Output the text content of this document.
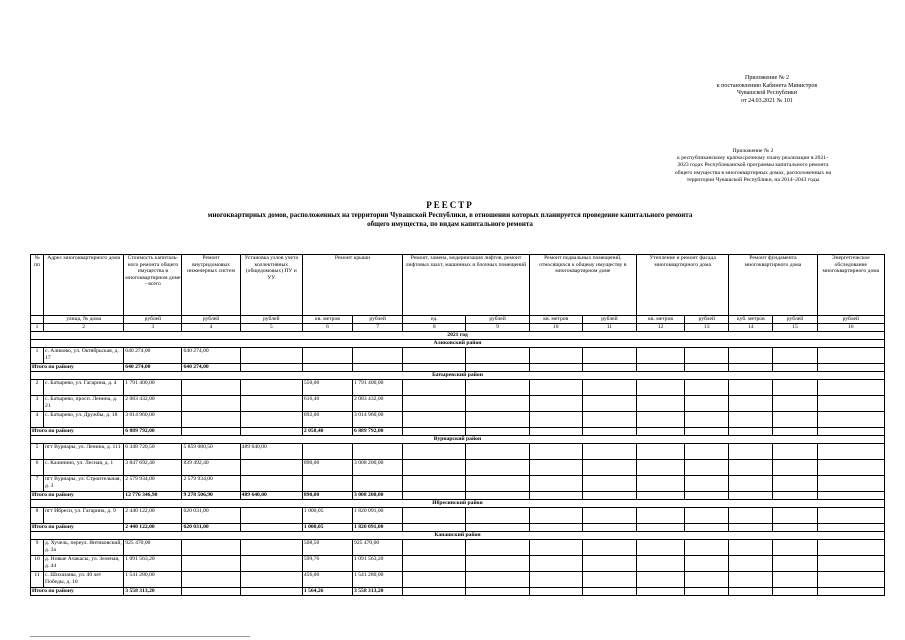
Приложение № 2
к постановлению Кабинета Министров
Чувашской Республики
от 24.03.2021 № 101
Приложение № 2
к республиканскому краткосрочному плану реализации в 2021–
2023 годах Республиканской программы капитального ремонта
общего имущества в многоквартирных домах, расположенных на
территории Чувашской Республики, на 2014–2043 годы
РЕЕСТР
многоквартирных домов, расположенных на территории Чувашской Республики, в отношении которых планируется проведение капитального ремонта
общего имущества, по видам капитального ремонта
№ пп	Адрес многоквартирного дома	Стоимость капиталь-ного ремонта общего имущества в многоквартирном доме - всего	Ремонт внутридомовых инженерных систем	Установка узлов учета коллективных (общедомовых) ПУ и УУ	Ремонт крыши		Ремонт, замена, модернизация лифтов, ремонт лифтовых шахт, машинных и блочных помещений		Ремонт подвальных помещений, относящихся к общему имуществу в многоквартирном доме		Утепление и ремонт фасада многоквартирного дома		Ремонт фундамента многоквартирного дома		Энергетическое обследование многоквартирного дома
	улица, № дома	рублей	рублей	рублей	кв. метров	рублей	ед.	рублей	кв. метров	рублей	кв. метров	рублей	куб. метров	рублей	рублей
1	2	3	4	5	6	7	8	9	10	11	12	13	14	15	16
2021 год															
Аликовский район															
1	с. Аликово, ул. Октябрьская, д. 17	640 274,00	640 274,00												
Итого по району		640 274,00	640 274,00												
Батыревский район															
2	с. Батырево, ул. Гагарина, д. 4	1 791 400,00			550,00	1 791 400,00									
3	с. Батырево, просп. Ленина, д. 21	2 083 432,00			616,40	2 083 432,00									
4	с. Батырево, ул. Дружбы, д. 18	3 014 960,00			892,00	3 014 960,00									
Итого по району		6 889 792,00			2 058,40	6 889 792,00									
Вурнарский район															
5	пгт Вурнары, ул. Ленина, д. 111	6 348 720,50	5 859 080,50	489 640,00											
6	с. Калинино, ул. Лесная, д. 1	3 847 692,40	839 492,40		890,00	3 008 200,00									
7	пгт Вурнары, ул. Строительная, д. 3	2 579 934,00	2 579 934,00												
Итого по району		12 776 346,90	9 278 506,90	489 640,00	890,00	3 008 200,00									
Ибресинский район															
8	пгт Ибреси, ул. Гагарина, д. 9	2 440 122,00	620 031,00		1 000,05	1 820 091,00									
Итого по району		2 440 122,00	620 031,00		1 000,05	1 820 091,00									
Канашский район															
9	д. Хучель, переул. Янтиковский, д. 3а	925 470,00			508,50	925 470,00									
10	д. Новые Ачакасы, ул. Зеленая, д. 44	1 091 563,20			599,76	1 091 563,20									
11	с. Шихазаны, ул. 40 лет Победы, д. 10	1 541 280,00			456,00	1 541 280,00									
Итого по району		3 558 313,20			1 564,26	3 558 313,20									
